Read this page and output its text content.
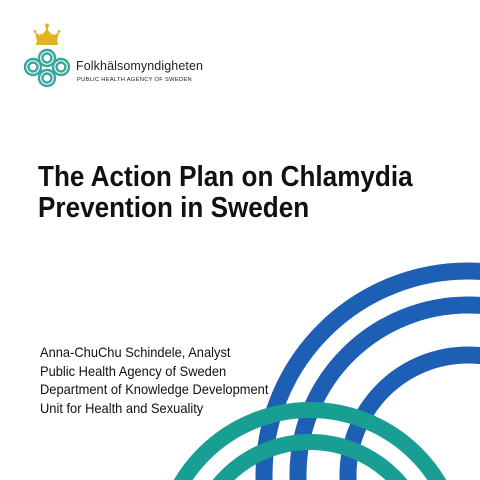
Folkhälsomyndigheten
PUBLIC HEALTH AGENCY OF SWEDEN
The Action Plan on Chlamydia
Prevention in Sweden
Anna-ChuChu Schindele, Analyst
Public Health Agency of Sweden
Department of Knowledge Development
Unit for Health and Sexuality
